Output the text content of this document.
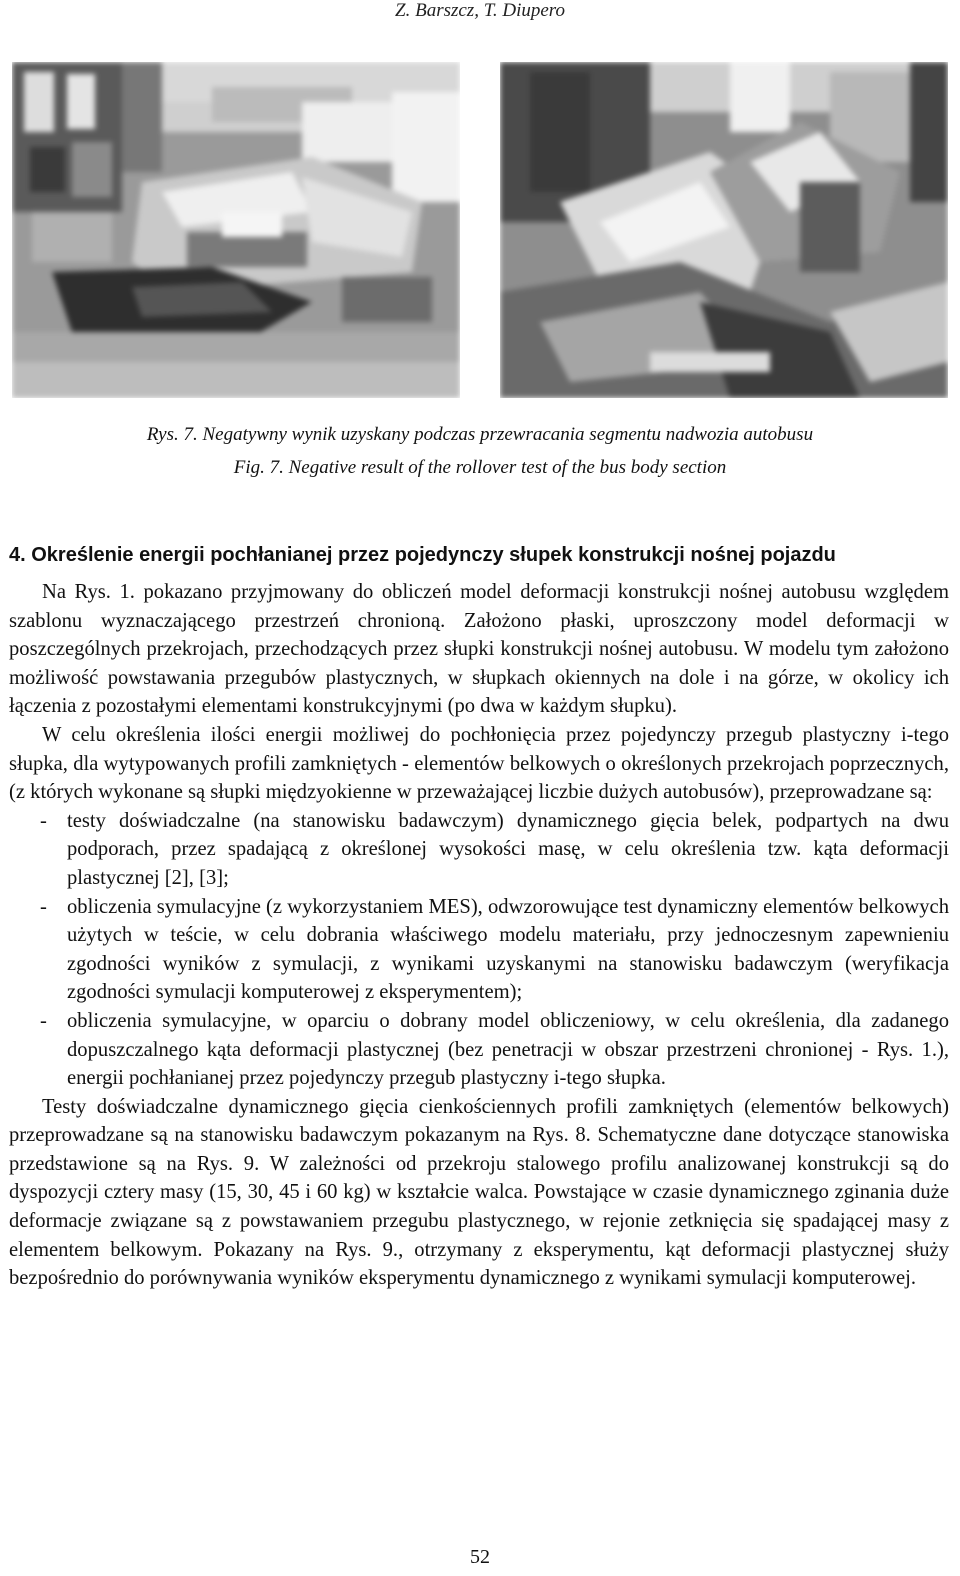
Z. Barszcz, T. Diupero
Rys. 7. Negatywny wynik uzyskany podczas przewracania segmentu nadwozia autobusu
Fig. 7. Negative result of the rollover test of the bus body section
4. Określenie energii pochłanianej przez pojedynczy słupek konstrukcji nośnej pojazdu

Na Rys. 1. pokazano przyjmowany do obliczeń model deformacji konstrukcji nośnej autobusu względem szablonu wyznaczającego przestrzeń chronioną. Założono płaski, uproszczony model deformacji w poszczególnych przekrojach, przechodzących przez słupki konstrukcji nośnej autobusu. W modelu tym założono możliwość powstawania przegubów plastycznych, w słupkach okiennych na dole i na górze, w okolicy ich łączenia z pozostałymi elementami konstrukcyjnymi (po dwa w każdym słupku).

W celu określenia ilości energii możliwej do pochłonięcia przez pojedynczy przegub plastyczny i-tego słupka, dla wytypowanych profili zamkniętych - elementów belkowych o określonych przekrojach poprzecznych, (z których wykonane są słupki międzyokienne w przeważającej liczbie dużych autobusów), przeprowadzane są:

- testy doświadczalne (na stanowisku badawczym) dynamicznego gięcia belek, podpartych na dwu podporach, przez spadającą z określonej wysokości masę, w celu określenia tzw. kąta deformacji plastycznej [2], [3];
- obliczenia symulacyjne (z wykorzystaniem MES), odwzorowujące test dynamiczny elementów belkowych użytych w teście, w celu dobrania właściwego modelu materiału, przy jednoczesnym zapewnieniu zgodności wyników z symulacji, z wynikami uzyskanymi na stanowisku badawczym (weryfikacja zgodności symulacji komputerowej z eksperymentem);
- obliczenia symulacyjne, w oparciu o dobrany model obliczeniowy, w celu określenia, dla zadanego dopuszczalnego kąta deformacji plastycznej (bez penetracji w obszar przestrzeni chronionej - Rys. 1.), energii pochłanianej przez pojedynczy przegub plastyczny i-tego słupka.

Testy doświadczalne dynamicznego gięcia cienkościennych profili zamkniętych (elementów belkowych) przeprowadzane są na stanowisku badawczym pokazanym na Rys. 8. Schematyczne dane dotyczące stanowiska przedstawione są na Rys. 9. W zależności od przekroju stalowego profilu analizowanej konstrukcji są do dyspozycji cztery masy (15, 30, 45 i 60 kg) w kształcie walca. Powstające w czasie dynamicznego zginania duże deformacje związane są z powstawaniem przegubu plastycznego, w rejonie zetknięcia się spadającej masy z elementem belkowym. Pokazany na Rys. 9., otrzymany z eksperymentu, kąt deformacji plastycznej służy bezpośrednio do porównywania wyników eksperymentu dynamicznego z wynikami symulacji komputerowej.

52
